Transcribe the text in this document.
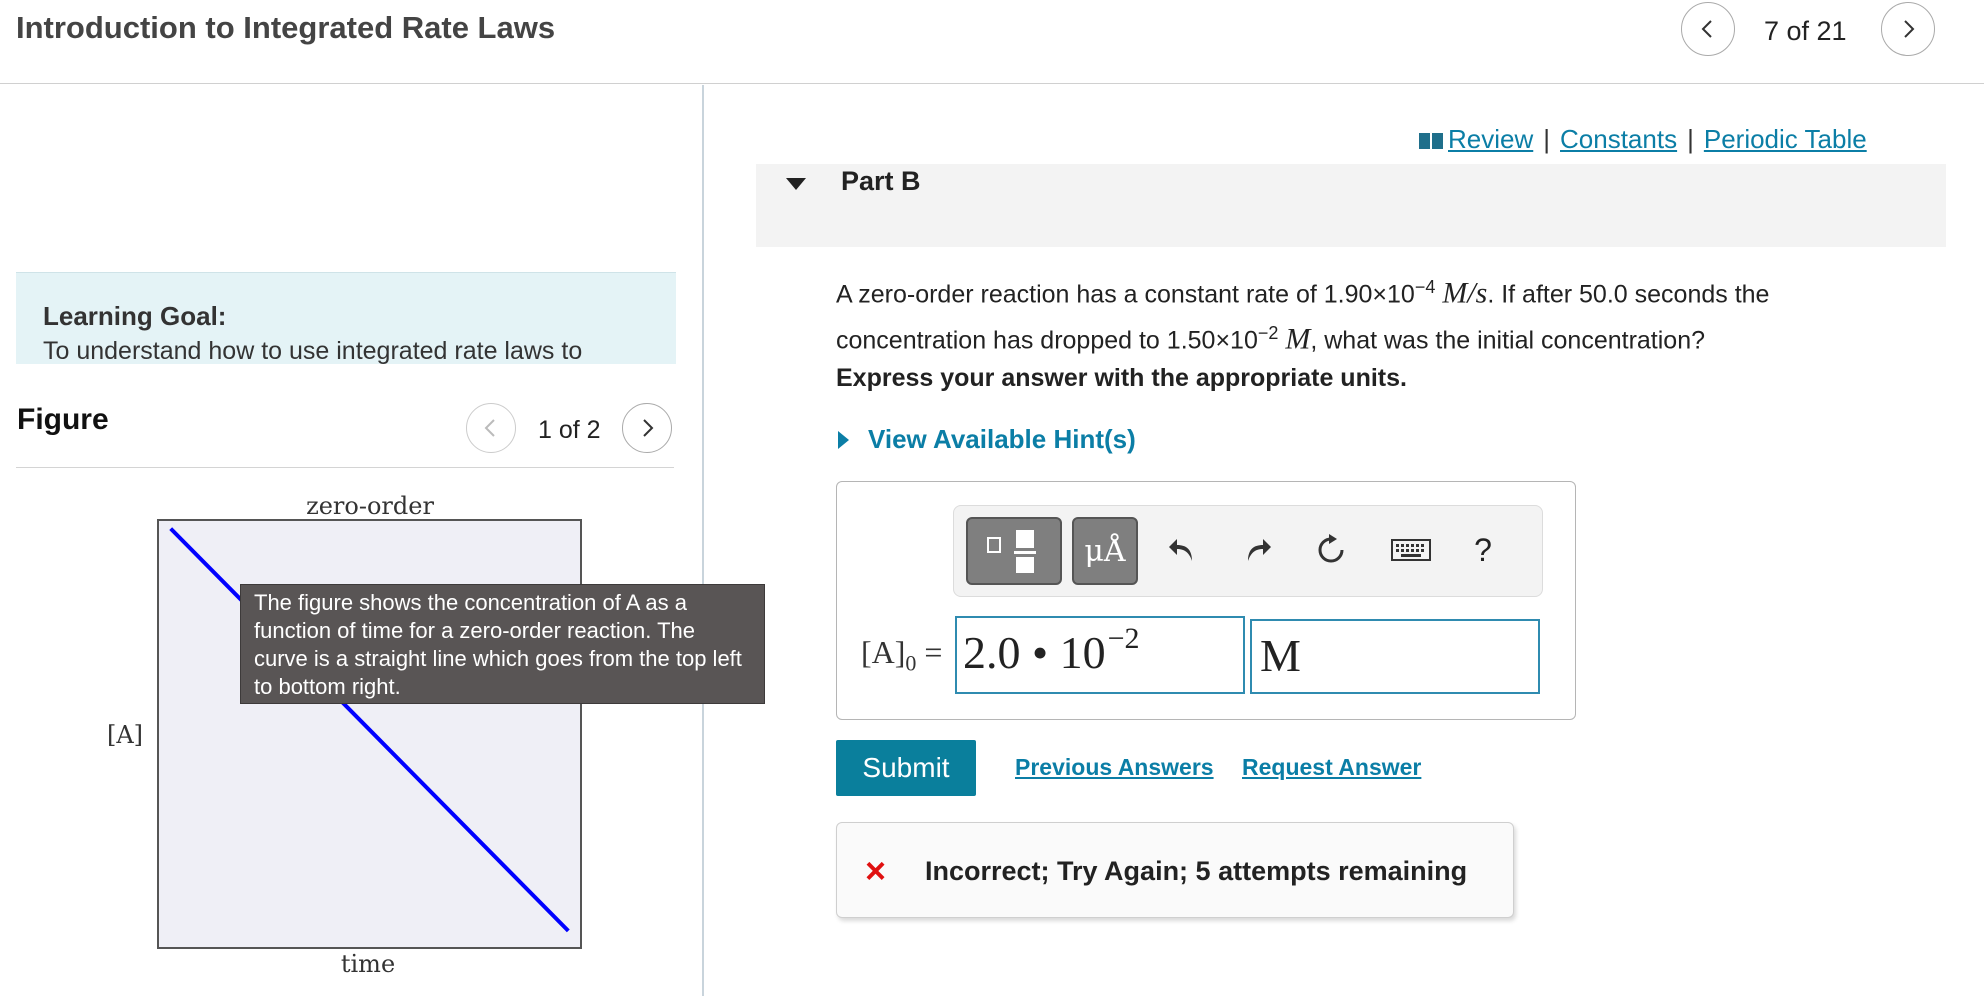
Introduction to Integrated Rate Laws	7 of 21
Learning Goal:
To understand how to use integrated rate laws to
Figure	1 of 2
zero-order
[A]
time
The figure shows the concentration of A as a function of time for a zero-order reaction. The curve is a straight line which goes from the top left to bottom right.
Review | Constants | Periodic Table
Part B
A zero-order reaction has a constant rate of $1.90\times 10^{-4}$ M/s. If after 50.0 seconds the concentration has dropped to $1.50\times 10^{-2}$ M, what was the initial concentration?
Express your answer with the appropriate units.
View Available Hint(s)
μÅ	?
$[A]_0 = 2.0$ • $10^{-2}$	M
Submit	Previous Answers Request Answer
× Incorrect; Try Again; 5 attempts remaining
